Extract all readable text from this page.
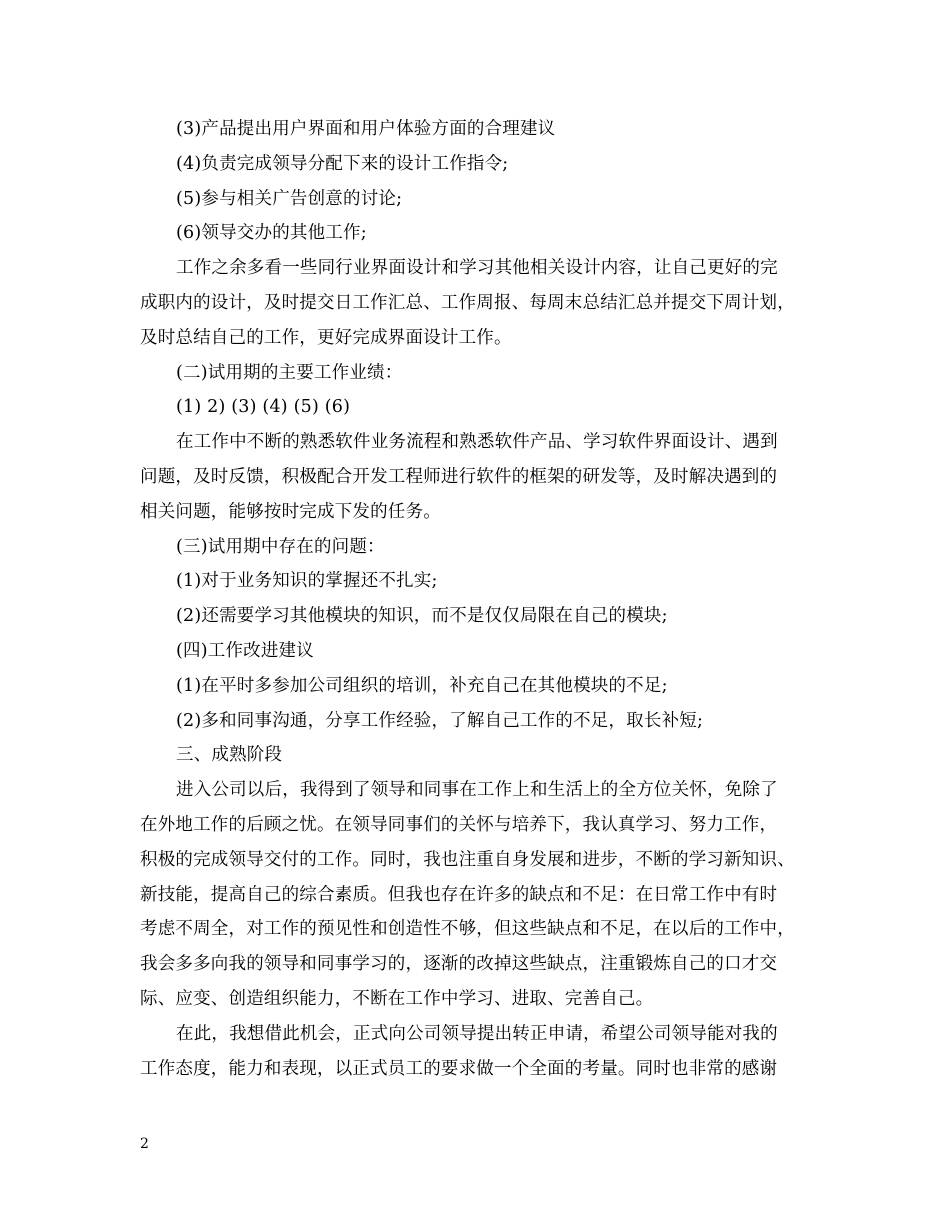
(3)产品提出用户界面和用户体验方面的合理建议
(4)负责完成领导分配下来的设计工作指令;
(5)参与相关广告创意的讨论;
(6)领导交办的其他工作;
工作之余多看一些同行业界面设计和学习其他相关设计内容，让自己更好的完
成职内的设计，及时提交日工作汇总、工作周报、每周末总结汇总并提交下周计划，
及时总结自己的工作，更好完成界面设计工作。
(二)试用期的主要工作业绩：
(1) 2) (3) (4) (5) (6)
在工作中不断的熟悉软件业务流程和熟悉软件产品、学习软件界面设计、遇到
问题，及时反馈，积极配合开发工程师进行软件的框架的研发等，及时解决遇到的
相关问题，能够按时完成下发的任务。
(三)试用期中存在的问题：
(1)对于业务知识的掌握还不扎实;
(2)还需要学习其他模块的知识，而不是仅仅局限在自己的模块;
(四)工作改进建议
(1)在平时多参加公司组织的培训，补充自己在其他模块的不足;
(2)多和同事沟通，分享工作经验，了解自己工作的不足，取长补短;
三、成熟阶段
进入公司以后，我得到了领导和同事在工作上和生活上的全方位关怀，免除了
在外地工作的后顾之忧。在领导同事们的关怀与培养下，我认真学习、努力工作，
积极的完成领导交付的工作。同时，我也注重自身发展和进步，不断的学习新知识、
新技能，提高自己的综合素质。但我也存在许多的缺点和不足：在日常工作中有时
考虑不周全，对工作的预见性和创造性不够，但这些缺点和不足，在以后的工作中，
我会多多向我的领导和同事学习的，逐渐的改掉这些缺点，注重锻炼自己的口才交
际、应变、创造组织能力，不断在工作中学习、进取、完善自己。
在此，我想借此机会，正式向公司领导提出转正申请，希望公司领导能对我的
工作态度，能力和表现，以正式员工的要求做一个全面的考量。同时也非常的感谢
2
